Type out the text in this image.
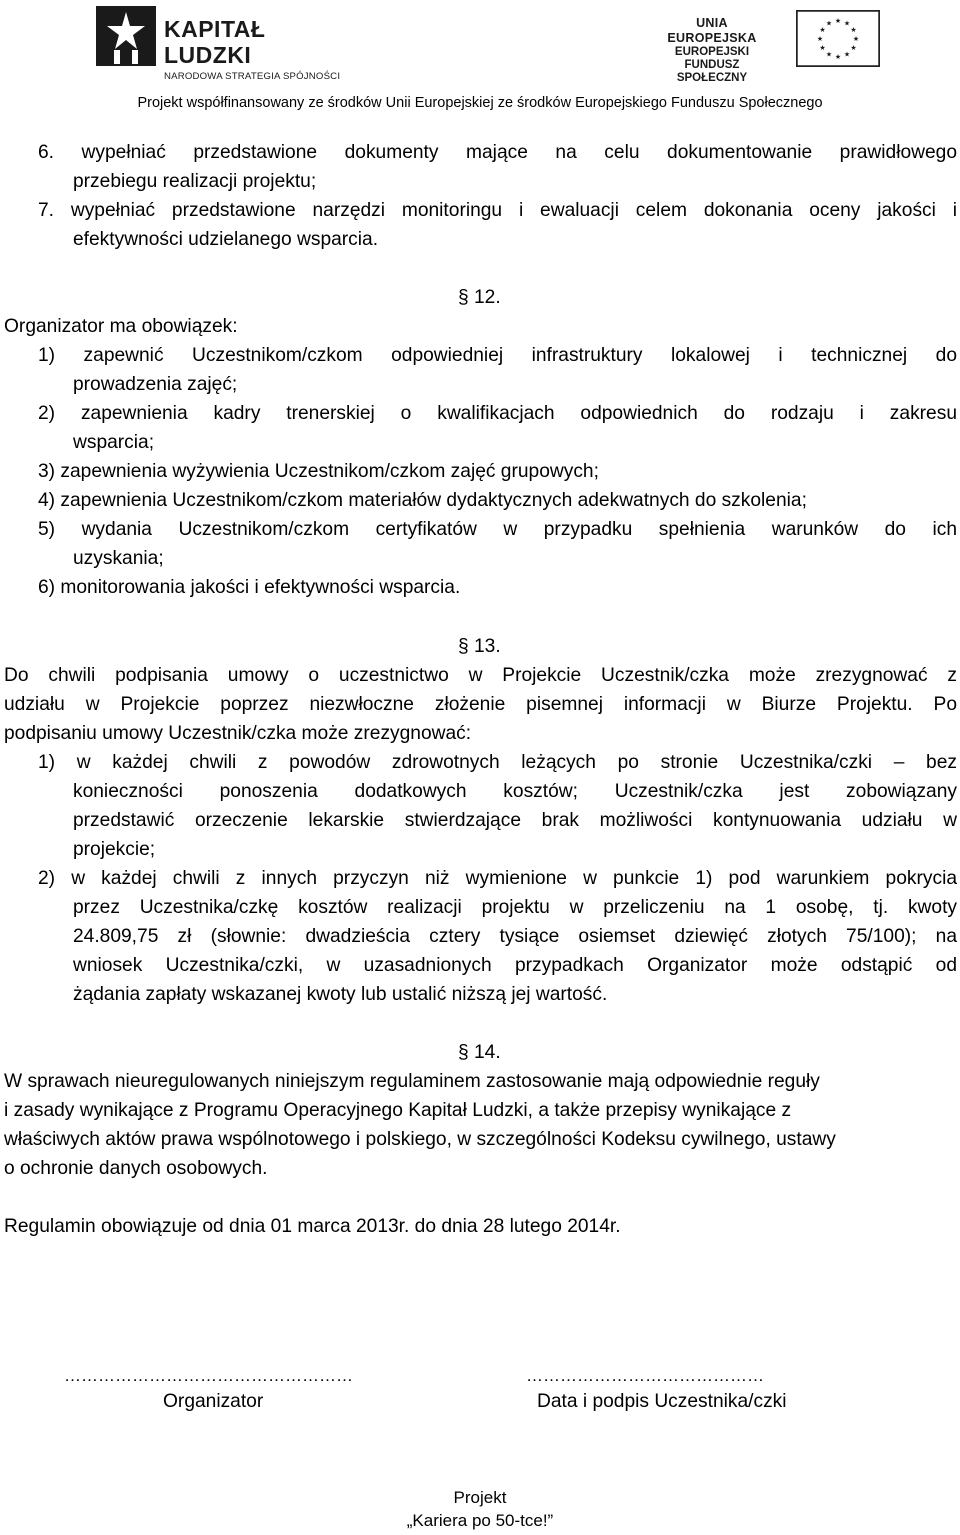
KAPITAŁ LUDZKI
NARODOWA STRATEGIA SPÓJNOŚCI
UNIA EUROPEJSKA
EUROPEJSKI
FUNDUSZ SPOŁECZNY
★ ★
★
★
★
★
★
★
★
★
★
★
Projekt współfinansowany ze środków Unii Europejskiej ze środków Europejskiego Funduszu Społecznego
6. wypełniać przedstawione dokumenty mające na celu dokumentowanie prawidłowego
przebiegu realizacji projektu;
7. wypełniać przedstawione narzędzi monitoringu i ewaluacji celem dokonania oceny jakości i
efektywności udzielanego wsparcia.
§ 12.
Organizator ma obowiązek:
1) zapewnić Uczestnikom/czkom odpowiedniej infrastruktury lokalowej i technicznej do
prowadzenia zajęć;
2) zapewnienia kadry trenerskiej o kwalifikacjach odpowiednich do rodzaju i zakresu
wsparcia;
3) zapewnienia wyżywienia Uczestnikom/czkom zajęć grupowych;
4) zapewnienia Uczestnikom/czkom materiałów dydaktycznych adekwatnych do szkolenia;
5) wydania Uczestnikom/czkom certyfikatów w przypadku spełnienia warunków do ich
uzyskania;
6) monitorowania jakości i efektywności wsparcia.
§ 13.
Do chwili podpisania umowy o uczestnictwo w Projekcie Uczestnik/czka może zrezygnować z
udziału w Projekcie poprzez niezwłoczne złożenie pisemnej informacji w Biurze Projektu. Po
podpisaniu umowy Uczestnik/czka może zrezygnować:
1) w każdej chwili z powodów zdrowotnych leżących po stronie Uczestnika/czki – bez
konieczności ponoszenia dodatkowych kosztów; Uczestnik/czka jest zobowiązany
przedstawić orzeczenie lekarskie stwierdzające brak możliwości kontynuowania udziału w
projekcie;
2) w każdej chwili z innych przyczyn niż wymienione w punkcie 1) pod warunkiem pokrycia
przez Uczestnika/czkę kosztów realizacji projektu w przeliczeniu na 1 osobę, tj. kwoty
24.809,75 zł (słownie: dwadzieścia cztery tysiące osiemset dziewięć złotych 75/100); na
wniosek Uczestnika/czki, w uzasadnionych przypadkach Organizator może odstąpić od
żądania zapłaty wskazanej kwoty lub ustalić niższą jej wartość.
§ 14.
W sprawach nieuregulowanych niniejszym regulaminem zastosowanie mają odpowiednie reguły
i zasady wynikające z Programu Operacyjnego Kapitał Ludzki, a także przepisy wynikające z
właściwych aktów prawa wspólnotowego i polskiego, w szczególności Kodeksu cywilnego, ustawy
o ochronie danych osobowych.
Regulamin obowiązuje od dnia 01 marca 2013r. do dnia 28 lutego 2014r.
……………………………………………	……………………………………
Organizator	Data i podpis Uczestnika/czki
Projekt
„Kariera po 50-tce!”
